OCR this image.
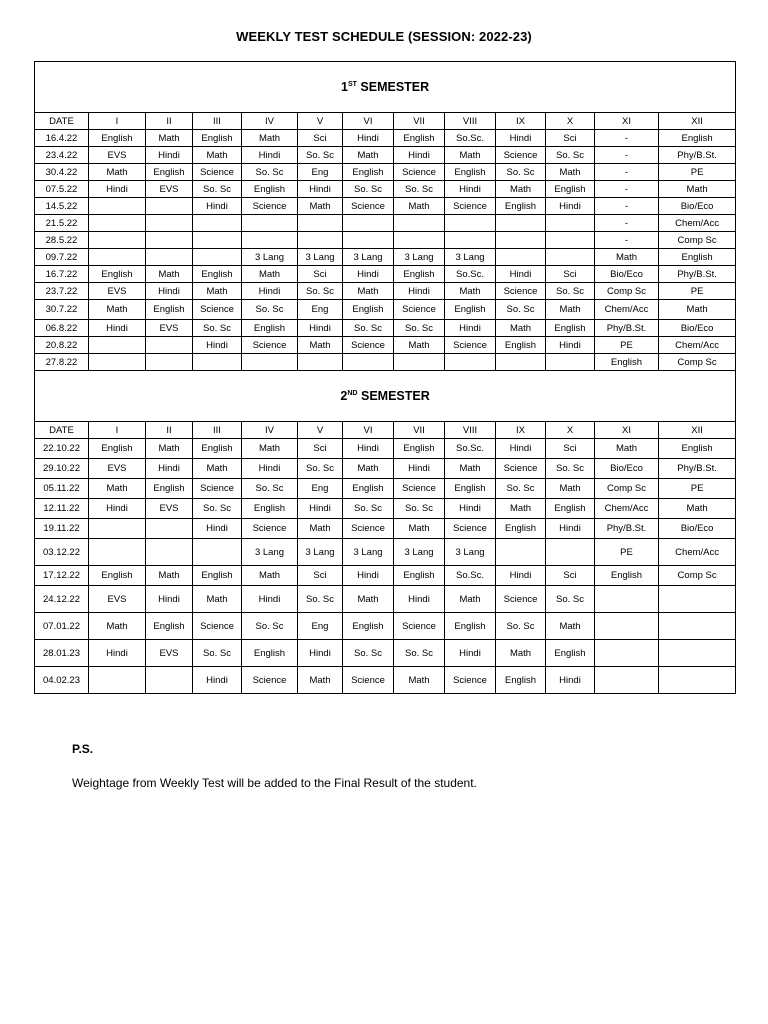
WEEKLY TEST SCHEDULE (SESSION: 2022-23)
1ST SEMESTER												
DATE	I	II	III	IV	V	VI	VII	VIII	IX	X	XI	XII
16.4.22	English	Math	English	Math	Sci	Hindi	English	So.Sc.	Hindi	Sci	-	English
23.4.22	EVS	Hindi	Math	Hindi	So. Sc	Math	Hindi	Math	Science	So. Sc	-	Phy/B.St.
30.4.22	Math	English	Science	So. Sc	Eng	English	Science	English	So. Sc	Math	-	PE
07.5.22	Hindi	EVS	So. Sc	English	Hindi	So. Sc	So. Sc	Hindi	Math	English	-	Math
14.5.22			Hindi	Science	Math	Science	Math	Science	English	Hindi	-	Bio/Eco
21.5.22											-	Chem/Acc
28.5.22											-	Comp Sc
09.7.22				3 Lang	3 Lang	3 Lang	3 Lang	3 Lang			Math	English
16.7.22	English	Math	English	Math	Sci	Hindi	English	So.Sc.	Hindi	Sci	Bio/Eco	Phy/B.St.
23.7.22	EVS	Hindi	Math	Hindi	So. Sc	Math	Hindi	Math	Science	So. Sc	Comp Sc	PE
30.7.22	Math	English	Science	So. Sc	Eng	English	Science	English	So. Sc	Math	Chem/Acc	Math
06.8.22	Hindi	EVS	So. Sc	English	Hindi	So. Sc	So. Sc	Hindi	Math	English	Phy/B.St.	Bio/Eco
20.8.22			Hindi	Science	Math	Science	Math	Science	English	Hindi	PE	Chem/Acc
27.8.22											English	Comp Sc
2ND SEMESTER												
DATE	I	II	III	IV	V	VI	VII	VIII	IX	X	XI	XII
22.10.22	English	Math	English	Math	Sci	Hindi	English	So.Sc.	Hindi	Sci	Math	English
29.10.22	EVS	Hindi	Math	Hindi	So. Sc	Math	Hindi	Math	Science	So. Sc	Bio/Eco	Phy/B.St.
05.11.22	Math	English	Science	So. Sc	Eng	English	Science	English	So. Sc	Math	Comp Sc	PE
12.11.22	Hindi	EVS	So. Sc	English	Hindi	So. Sc	So. Sc	Hindi	Math	English	Chem/Acc	Math
19.11.22			Hindi	Science	Math	Science	Math	Science	English	Hindi	Phy/B.St.	Bio/Eco
03.12.22				3 Lang	3 Lang	3 Lang	3 Lang	3 Lang			PE	Chem/Acc
17.12.22	English	Math	English	Math	Sci	Hindi	English	So.Sc.	Hindi	Sci	English	Comp Sc
24.12.22	EVS	Hindi	Math	Hindi	So. Sc	Math	Hindi	Math	Science	So. Sc		
07.01.22	Math	English	Science	So. Sc	Eng	English	Science	English	So. Sc	Math		
28.01.23	Hindi	EVS	So. Sc	English	Hindi	So. Sc	So. Sc	Hindi	Math	English		
04.02.23			Hindi	Science	Math	Science	Math	Science	English	Hindi		
P.S.
Weightage from Weekly Test will be added to the Final Result of the student.
